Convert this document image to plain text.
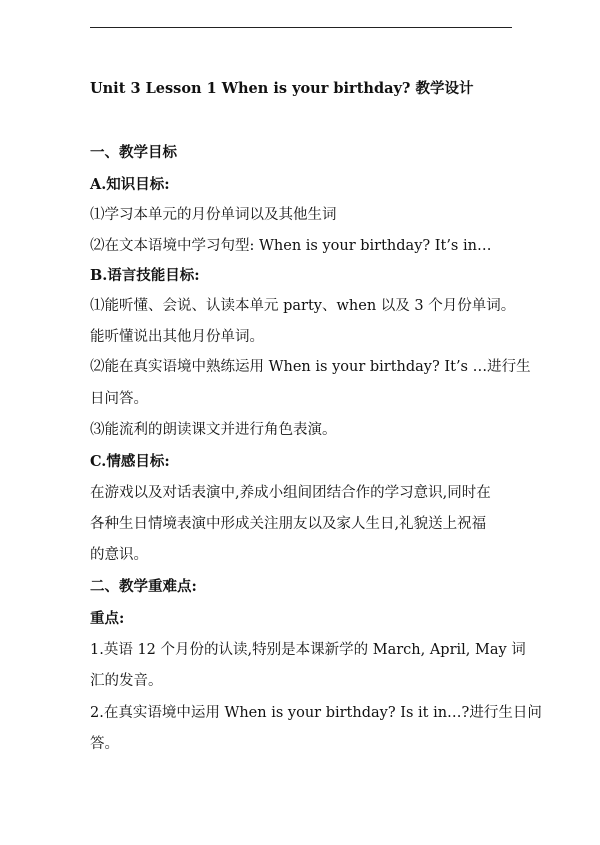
Unit 3 Lesson 1 When is your birthday? 教学设计
一、教学目标
A.知识目标:
⑴学习本单元的月份单词以及其他生词
⑵在文本语境中学习句型: When is your birthday? It’s in…
B.语言技能目标:
⑴能听懂、会说、认读本单元 party、when 以及 3 个月份单词。
能听懂说出其他月份单词。
⑵能在真实语境中熟练运用 When is your birthday? It’s …进行生
日问答。
⑶能流利的朗读课文并进行角色表演。
C.情感目标:
在游戏以及对话表演中,养成小组间团结合作的学习意识,同时在
各种生日情境表演中形成关注朋友以及家人生日,礼貌送上祝福
的意识。
二、教学重难点:
重点:
1.英语 12 个月份的认读,特别是本课新学的 March, April, May 词
汇的发音。
2.在真实语境中运用 When is your birthday? Is it in…?进行生日问
答。
